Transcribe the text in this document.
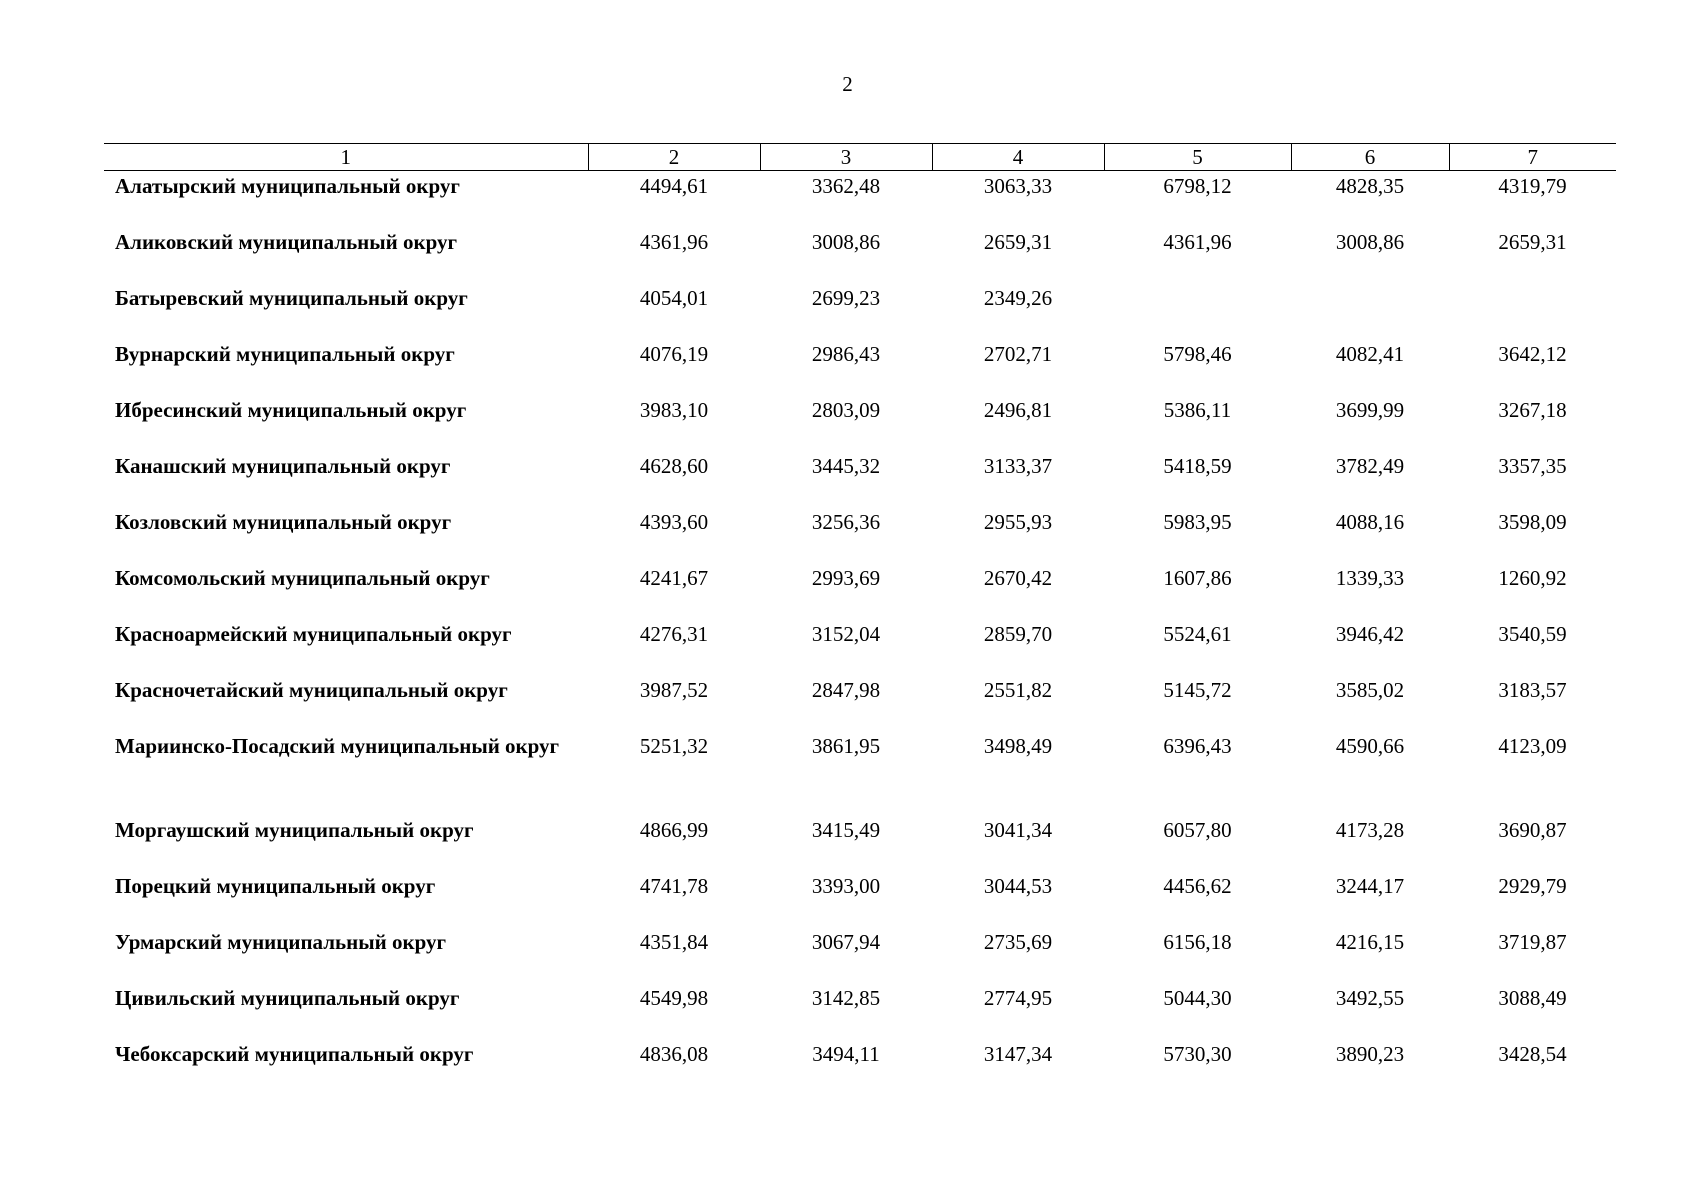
2
1	2	3	4	5	6	7
Алатырский муниципальный округ	4494,61	3362,48	3063,33	6798,12	4828,35	4319,79
Аликовский муниципальный округ	4361,96	3008,86	2659,31	4361,96	3008,86	2659,31
Батыревский муниципальный округ	4054,01	2699,23	2349,26			
Вурнарский муниципальный округ	4076,19	2986,43	2702,71	5798,46	4082,41	3642,12
Ибресинский муниципальный округ	3983,10	2803,09	2496,81	5386,11	3699,99	3267,18
Канашский муниципальный округ	4628,60	3445,32	3133,37	5418,59	3782,49	3357,35
Козловский муниципальный округ	4393,60	3256,36	2955,93	5983,95	4088,16	3598,09
Комсомольский муниципальный округ	4241,67	2993,69	2670,42	1607,86	1339,33	1260,92
Красноармейский муниципальный округ	4276,31	3152,04	2859,70	5524,61	3946,42	3540,59
Красночетайский муниципальный округ	3987,52	2847,98	2551,82	5145,72	3585,02	3183,57
Мариинско-Посадский муниципальный округ	5251,32	3861,95	3498,49	6396,43	4590,66	4123,09
Моргаушский муниципальный округ	4866,99	3415,49	3041,34	6057,80	4173,28	3690,87
Порецкий муниципальный округ	4741,78	3393,00	3044,53	4456,62	3244,17	2929,79
Урмарский муниципальный округ	4351,84	3067,94	2735,69	6156,18	4216,15	3719,87
Цивильский муниципальный округ	4549,98	3142,85	2774,95	5044,30	3492,55	3088,49
Чебоксарский муниципальный округ	4836,08	3494,11	3147,34	5730,30	3890,23	3428,54
